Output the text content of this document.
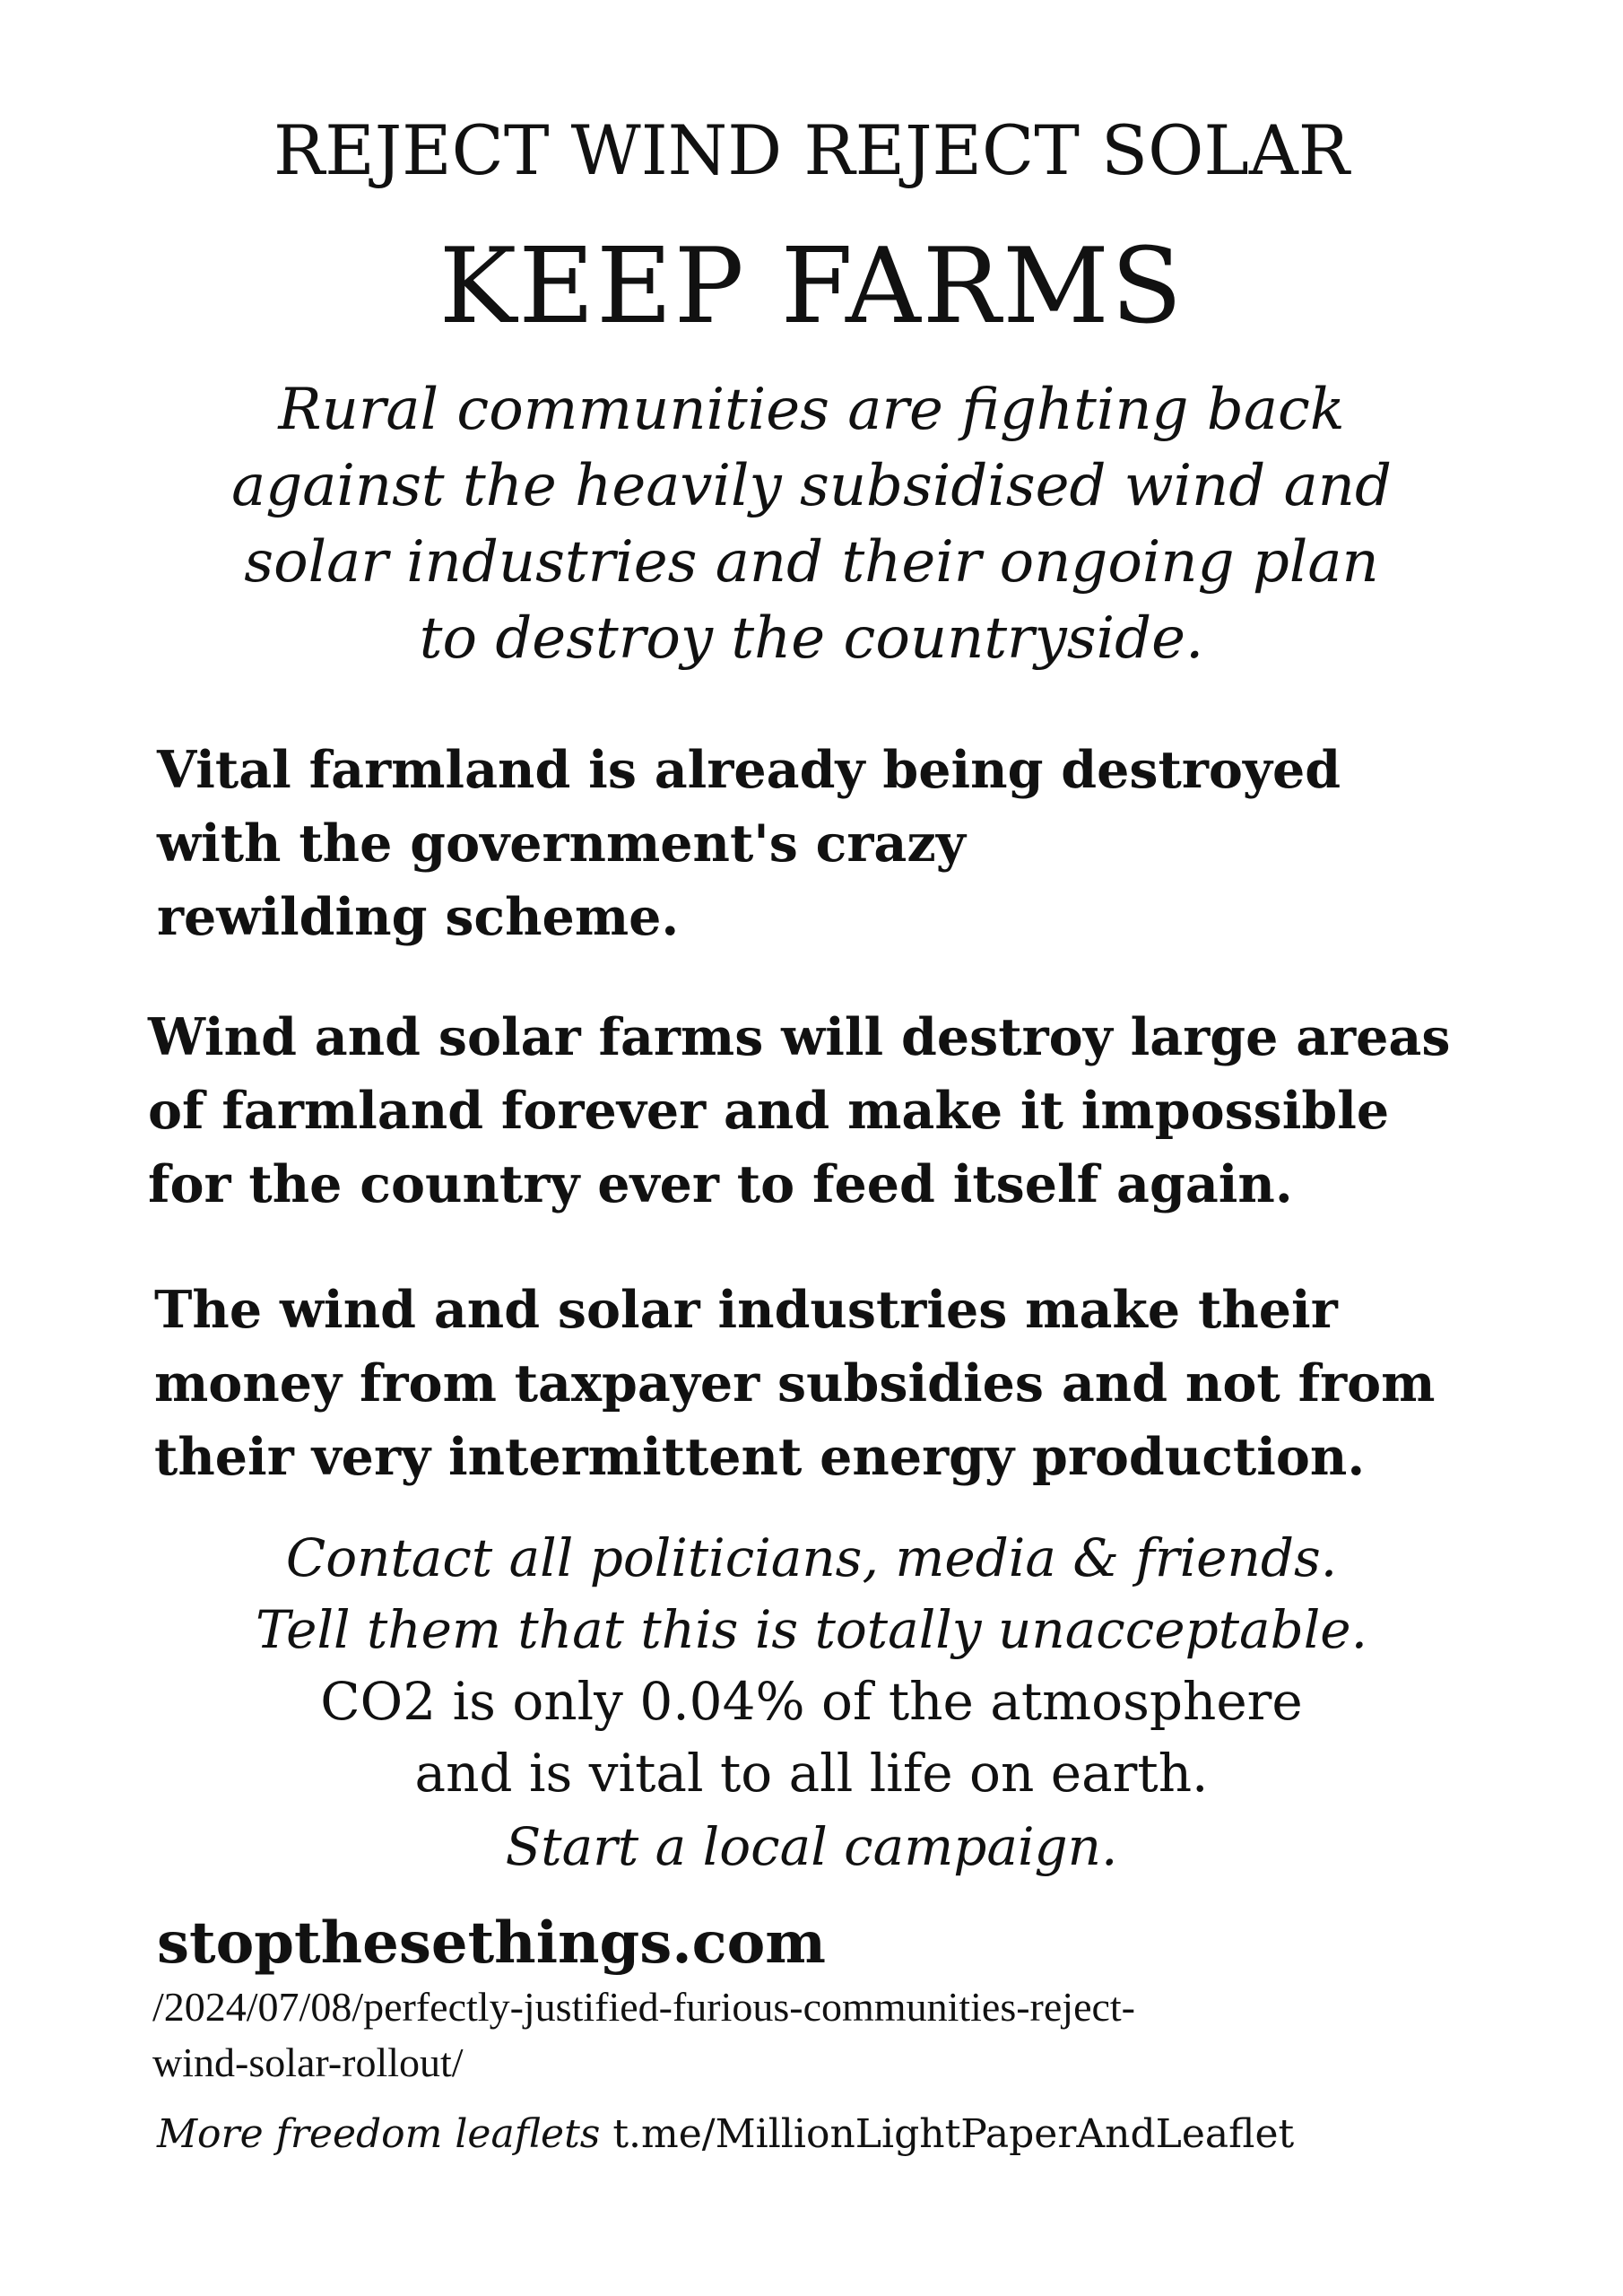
REJECT WIND REJECT SOLAR
KEEP FARMS
Rural communities are fighting back
against the heavily subsidised wind and
solar industries and their ongoing plan
to destroy the countryside.
Vital farmland is already being destroyed
with the government's crazy
rewilding scheme.
Wind and solar farms will destroy large areas
of farmland forever and make it impossible
for the country ever to feed itself again.
The wind and solar industries make their
money from taxpayer subsidies and not from
their very intermittent energy production.
Contact all politicians, media & friends.
Tell them that this is totally unacceptable.
CO2 is only 0.04% of the atmosphere
and is vital to all life on earth.
Start a local campaign.
stopthesethings.com
/2024/07/08/perfectly-justified-furious-communities-reject-
wind-solar-rollout/
More freedom leaflets t.me/MillionLightPaperAndLeaflet
